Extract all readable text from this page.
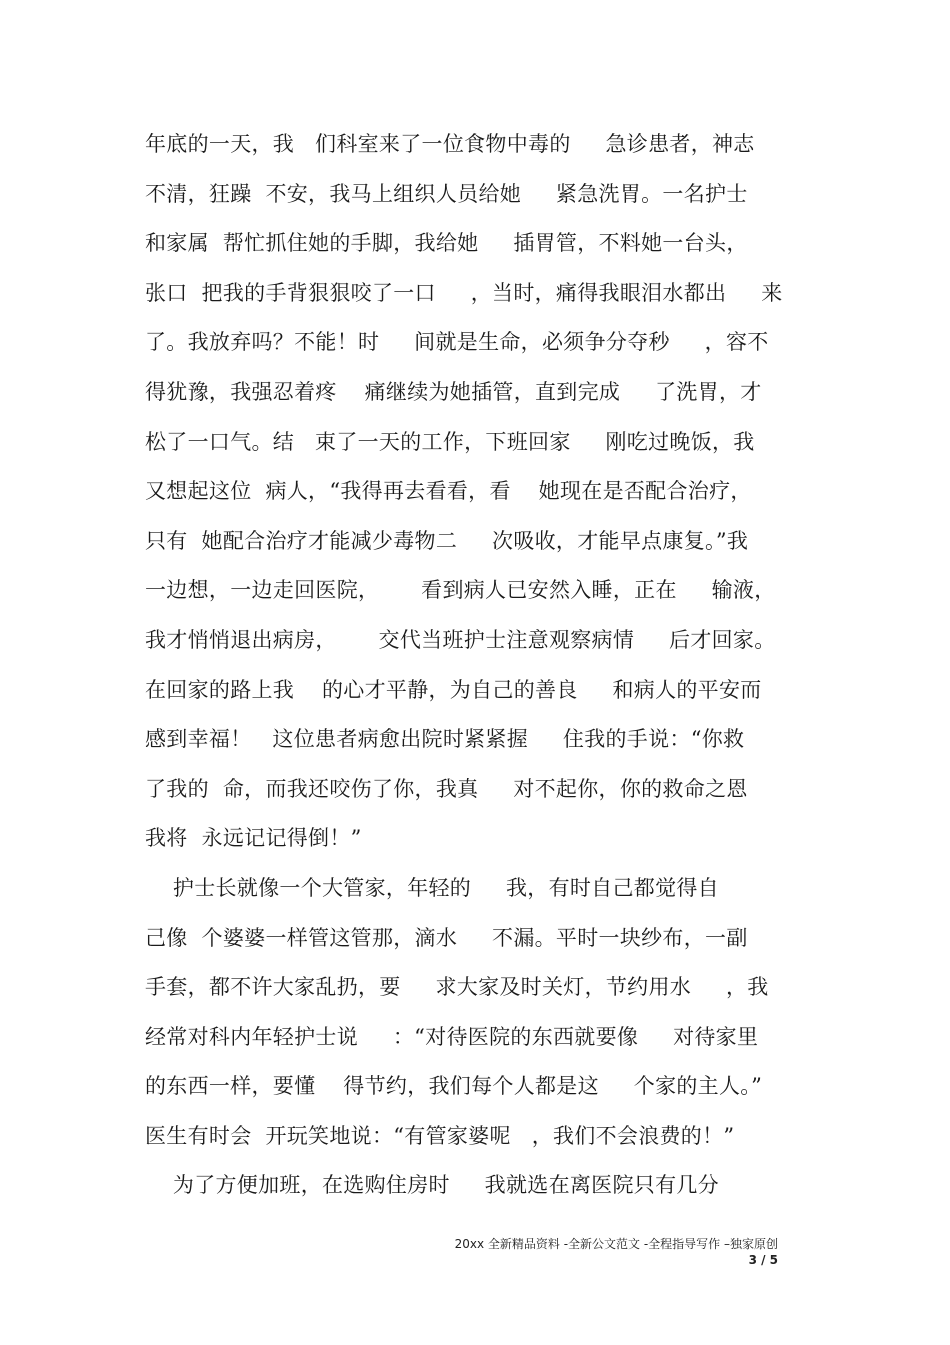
年底的一天，我   们科室来了一位食物中毒的     急诊患者，神志
不清，狂躁  不安，我马上组织人员给她     紧急洗胃。一名护士
和家属  帮忙抓住她的手脚，我给她     插胃管，不料她一台头，
张口  把我的手背狠狠咬了一口     ，当时，痛得我眼泪水都出     来
了。我放弃吗？不能！时     间就是生命，必须争分夺秒     ，容不
得犹豫，我强忍着疼    痛继续为她插管，直到完成     了洗胃，才
松了一口气。结   束了一天的工作，下班回家     刚吃过晚饭，我
又想起这位  病人，“我得再去看看，看    她现在是否配合治疗，
只有  她配合治疗才能减少毒物二     次吸收，才能早点康复。”我
一边想，一边走回医院，      看到病人已安然入睡，正在     输液，
我才悄悄退出病房，      交代当班护士注意观察病情     后才回家。
在回家的路上我    的心才平静，为自己的善良     和病人的平安而
感到幸福！   这位患者病愈出院时紧紧握     住我的手说：“你救
了我的  命，而我还咬伤了你，我真     对不起你，你的救命之恩
我将  永远记记得倒！”
护士长就像一个大管家，年轻的     我，有时自己都觉得自
己像  个婆婆一样管这管那，滴水     不漏。平时一块纱布，一副
手套，都不许大家乱扔，要     求大家及时关灯，节约用水     ，我
经常对科内年轻护士说     ：“对待医院的东西就要像     对待家里
的东西一样，要懂    得节约，我们每个人都是这     个家的主人。”
医生有时会  开玩笑地说：“有管家婆呢   ，我们不会浪费的！”
为了方便加班，在选购住房时     我就选在离医院只有几分
20xx 全新精品资料 -全新公文范文 -全程指导写作 –独家原创
3 / 5
